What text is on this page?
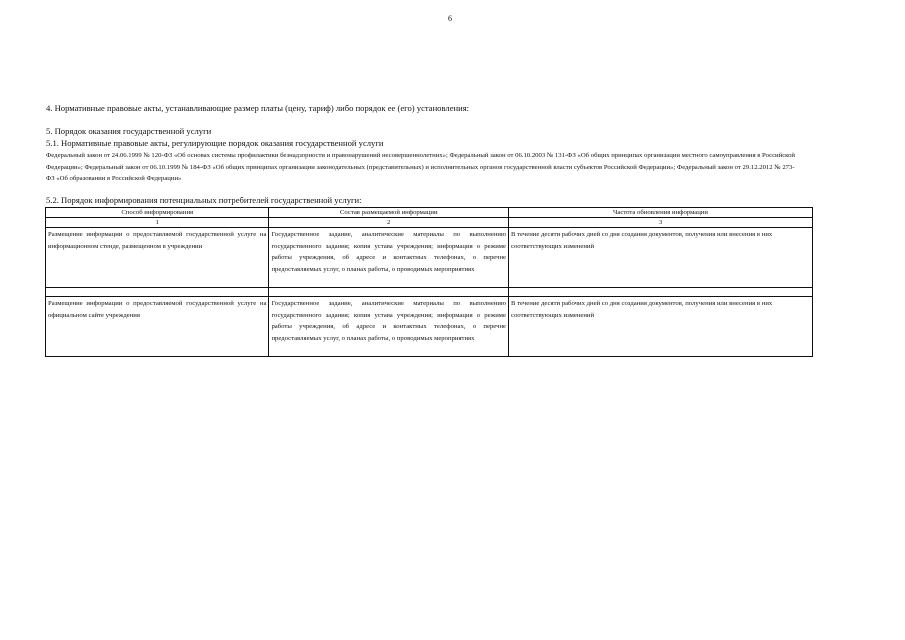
6
4. Нормативные правовые акты, устанавливающие размер платы (цену, тариф) либо порядок ее (его) установления:
5. Порядок оказания государственной услуги
5.1. Нормативные правовые акты, регулирующие порядок оказания государственной услуги
Федеральный закон от 24.06.1999 № 120-ФЗ «Об основах системы профилактики безнадзорности и правонарушений несовершеннолетних»; Федеральный закон от 06.10.2003 № 131-ФЗ «Об общих принципах организации местного самоуправления в Российской Федерации»; Федеральный закон от 06.10.1999 № 184-ФЗ «Об общих принципах организации законодательных (представительных) и исполнительных органов государственной власти субъектов Российской Федерации»; Федеральный закон от 29.12.2012 № 273-ФЗ «Об образовании в Российской Федерации»
5.2. Порядок информирования потенциальных потребителей государственной услуги:
Способ информирования	Состав размещаемой информации	Частота обновления информации
1	2	3
Размещение информации о предоставляемой государственной услуге на информационном стенде, размещенном в учреждении	Государственное задание, аналитические материалы по выполнению государственного задания; копия устава учреждения; информация о режиме работы учреждения, об адресе и контактных телефонах, о перечне предоставляемых услуг, о планах работы, о проводимых мероприятиях	В течение десяти рабочих дней со дня создания документов, получения или внесения в них соответствующих изменений

Размещение информации о предоставляемой государственной услуге на официальном сайте учреждения	Государственное задание, аналитические материалы по выполнению государственного задания; копия устава учреждения; информация о режиме работы учреждения, об адресе и контактных телефонах, о перечне предоставляемых услуг, о планах работы, о проводимых мероприятиях	В течение десяти рабочих дней со дня создания документов, получения или внесения в них соответствующих изменений
